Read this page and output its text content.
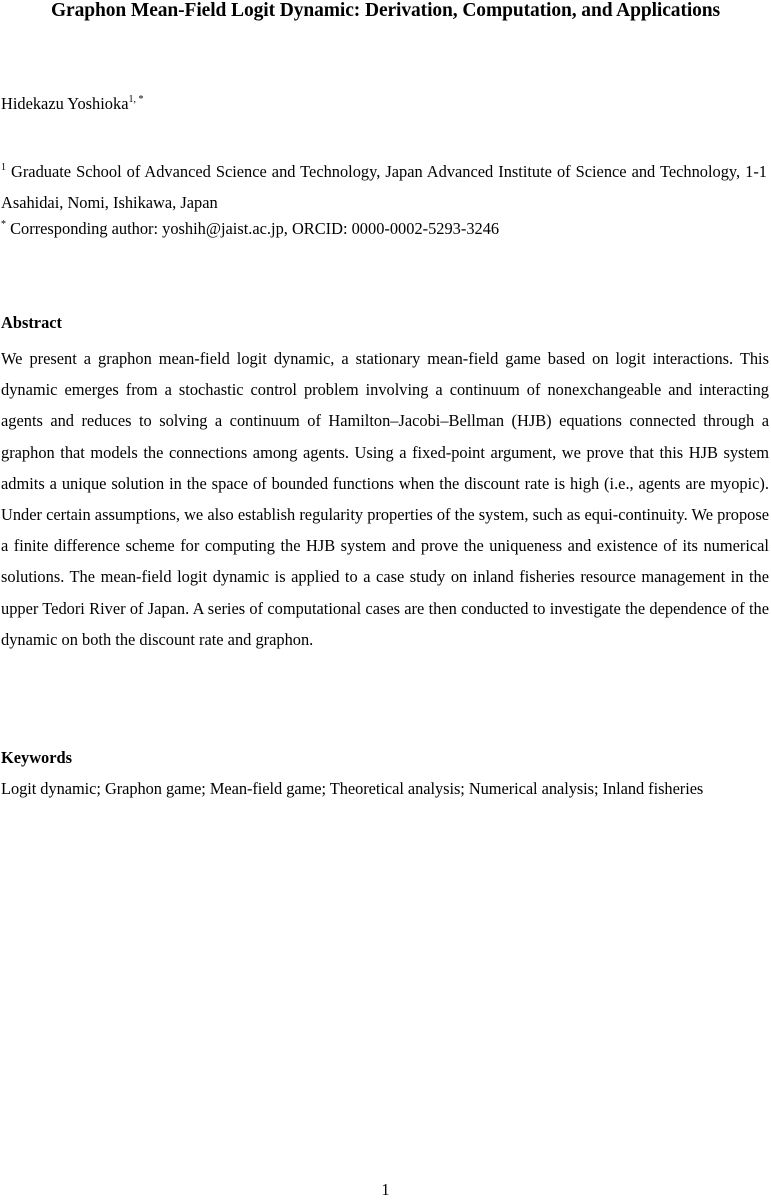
Graphon Mean-Field Logit Dynamic: Derivation, Computation, and Applications
Hidekazu Yoshioka$^{1, *}$
$^1$ Graduate School of Advanced Science and Technology, Japan Advanced Institute of Science and Technology, 1-1 Asahidai, Nomi, Ishikawa, Japan
* Corresponding author: yoshih@jaist.ac.jp, ORCID: 0000-0002-5293-3246
Abstract

We present a graphon mean-field logit dynamic, a stationary mean-field game based on logit interactions. This dynamic emerges from a stochastic control problem involving a continuum of nonexchangeable and interacting agents and reduces to solving a continuum of Hamilton–Jacobi–Bellman (HJB) equations connected through a graphon that models the connections among agents. Using a fixed-point argument, we prove that this HJB system admits a unique solution in the space of bounded functions when the discount rate is high (i.e., agents are myopic). Under certain assumptions, we also establish regularity properties of the system, such as equi-continuity. We propose a finite difference scheme for computing the HJB system and prove the uniqueness and existence of its numerical solutions. The mean-field logit dynamic is applied to a case study on inland fisheries resource management in the upper Tedori River of Japan. A series of computational cases are then conducted to investigate the dependence of the dynamic on both the discount rate and graphon.

Keywords
Logit dynamic; Graphon game; Mean-field game; Theoretical analysis; Numerical analysis; Inland fisheries
1
